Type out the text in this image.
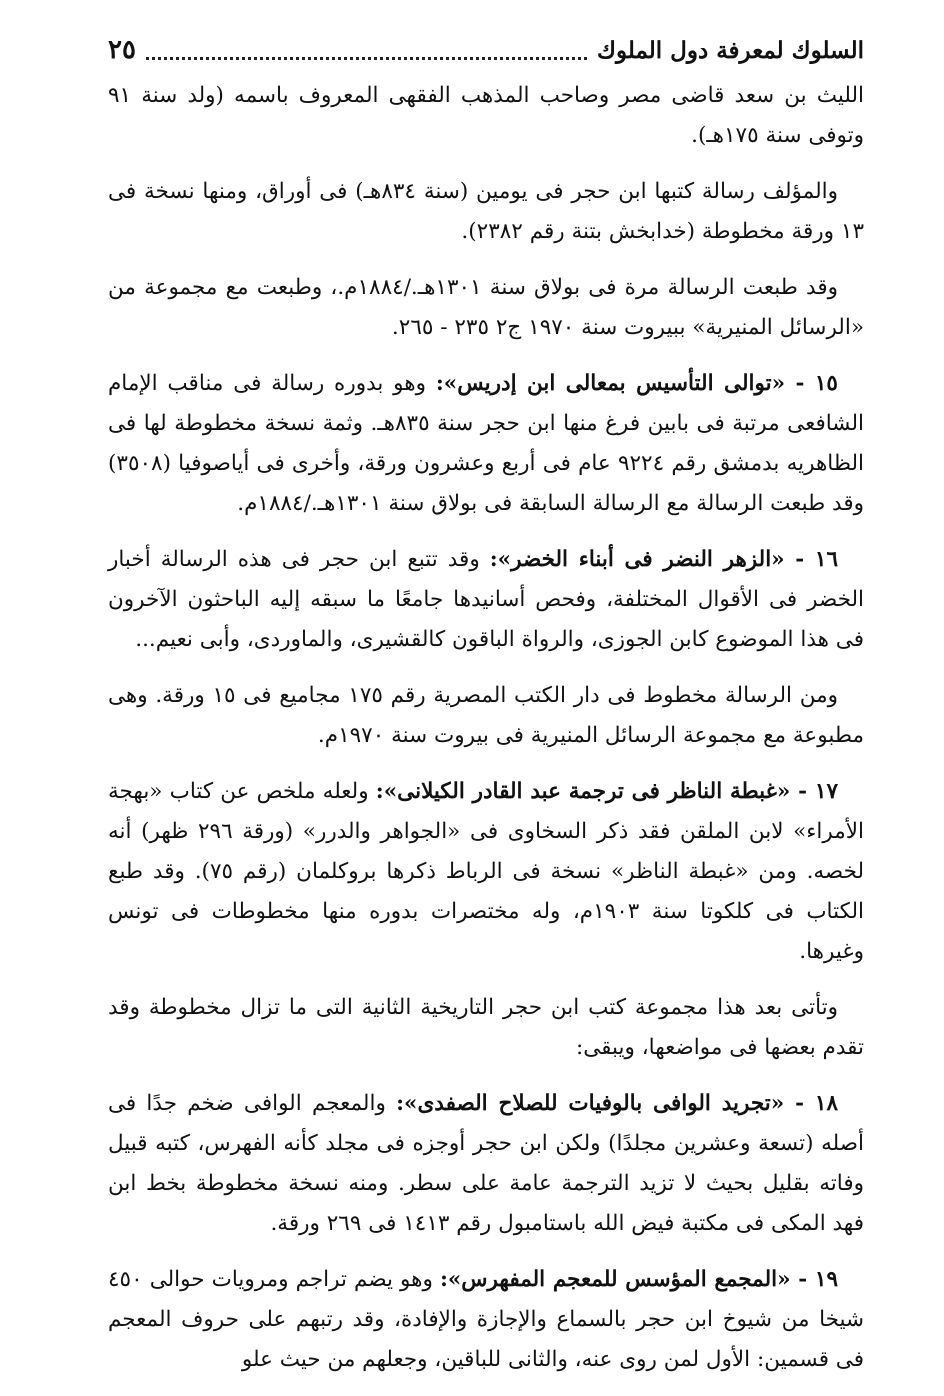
السلوك لمعرفة دول الملوك
٢٥

الليث بن سعد قاضى مصر وصاحب المذهب الفقهى المعروف باسمه (ولد سنة ٩١ وتوفى سنة ١٧٥هـ).

والمؤلف رسالة كتبها ابن حجر فى يومين (سنة ٨٣٤هـ) فى أوراق، ومنها نسخة فى ١٣ ورقة مخطوطة (خدابخش بتنة رقم ٢٣٨٢).

وقد طبعت الرسالة مرة فى بولاق سنة ١٣٠١هـ./١٨٨٤م.، وطبعت مع مجموعة من «الرسائل المنيرية» ببيروت سنة ١٩٧٠ ج٢ ٢٣٥ - ٢٦٥.

١٥ - «توالى التأسيس بمعالى ابن إدريس»: وهو بدوره رسالة فى مناقب الإمام الشافعى مرتبة فى بابين فرغ منها ابن حجر سنة ٨٣٥هـ. وثمة نسخة مخطوطة لها فى الظاهريه بدمشق رقم ٩٢٢٤ عام فى أربع وعشرون ورقة، وأخرى فى أياصوفيا (٣٥٠٨) وقد طبعت الرسالة مع الرسالة السابقة فى بولاق سنة ١٣٠١هـ./١٨٨٤م.

١٦ - «الزهر النضر فى أبناء الخضر»: وقد تتبع ابن حجر فى هذه الرسالة أخبار الخضر فى الأقوال المختلفة، وفحص أسانيدها جامعًا ما سبقه إليه الباحثون الآخرون فى هذا الموضوع كابن الجوزى، والرواة الباقون كالقشيرى، والماوردى، وأبى نعيم...

ومن الرسالة مخطوط فى دار الكتب المصرية رقم ١٧٥ مجاميع فى ١٥ ورقة. وهى مطبوعة مع مجموعة الرسائل المنيرية فى بيروت سنة ١٩٧٠م.

١٧ - «غبطة الناظر فى ترجمة عبد القادر الكيلانى»: ولعله ملخص عن كتاب «بهجة الأمراء» لابن الملقن فقد ذكر السخاوى فى «الجواهر والدرر» (ورقة ٢٩٦ ظهر) أنه لخصه. ومن «غبطة الناظر» نسخة فى الرباط ذكرها بروكلمان (رقم ٧٥). وقد طبع الكتاب فى كلكوتا سنة ١٩٠٣م، وله مختصرات بدوره منها مخطوطات فى تونس وغيرها.

وتأتى بعد هذا مجموعة كتب ابن حجر التاريخية الثانية التى ما تزال مخطوطة وقد تقدم بعضها فى مواضعها، ويبقى:

١٨ - «تجريد الوافى بالوفيات للصلاح الصفدى»: والمعجم الوافى ضخم جدًا فى أصله (تسعة وعشرين مجلدًا) ولكن ابن حجر أوجزه فى مجلد كأنه الفهرس، كتبه قبيل وفاته بقليل بحيث لا تزيد الترجمة عامة على سطر. ومنه نسخة مخطوطة بخط ابن فهد المكى فى مكتبة فيض الله باستامبول رقم ١٤١٣ فى ٢٦٩ ورقة.

١٩ - «المجمع المؤسس للمعجم المفهرس»: وهو يضم تراجم ومرويات حوالى ٤٥٠ شيخا من شيوخ ابن حجر بالسماع والإجازة والإفادة، وقد رتبهم على حروف المعجم فى قسمين: الأول لمن روى عنه، والثانى للباقين، وجعلهم من حيث علو
